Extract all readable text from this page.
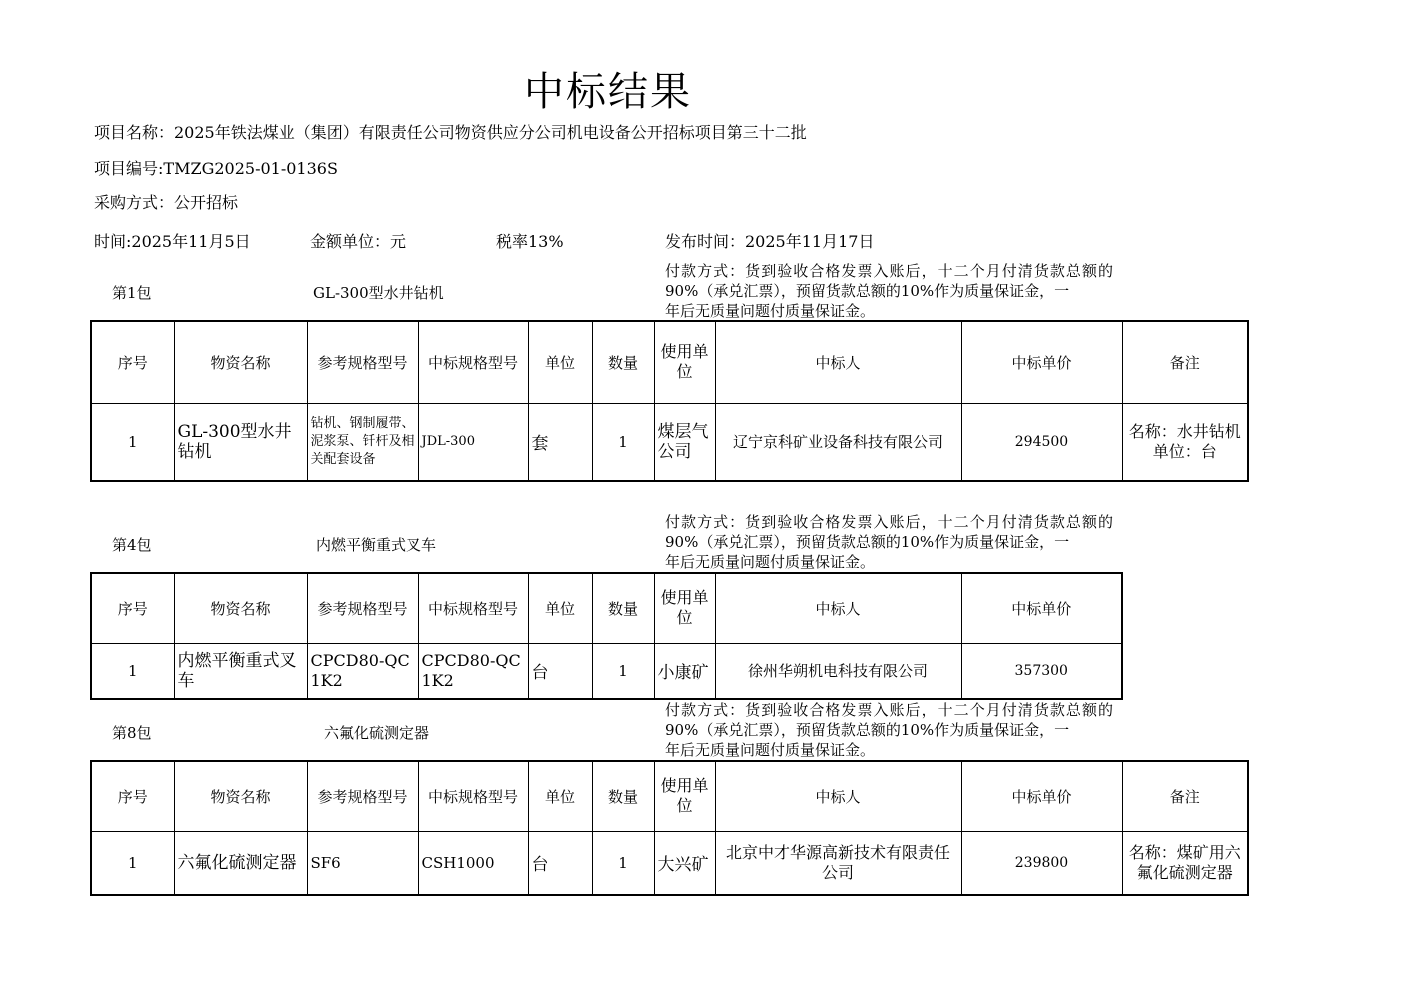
中标结果
项目名称：2025年铁法煤业（集团）有限责任公司物资供应分公司机电设备公开招标项目第三十二批
项目编号:TMZG2025-01-0136S
采购方式：公开招标
时间:2025年11月5日	金额单位：元	税率13%	发布时间：2025年11月17日
第1包	GL-300型水井钻机
付款方式：货到验收合格发票入账后，十二个月付清货款总额的90%（承兑汇票），预留货款总额的10%作为质量保证金，一
年后无质量问题付质量保证金。
序号	物资名称	参考规格型号	中标规格型号	单位	数量	使用单位	中标人	中标单价	备注
1	GL-300型水井钻机	钻机、钢制履带、泥浆泵、钎杆及相关配套设备	JDL-300	套	1	煤层气公司	辽宁京科矿业设备科技有限公司	294500	名称：水井钻机单位：台
第4包	内燃平衡重式叉车
付款方式：货到验收合格发票入账后，十二个月付清货款总额的90%（承兑汇票），预留货款总额的10%作为质量保证金，一
年后无质量问题付质量保证金。
序号	物资名称	参考规格型号	中标规格型号	单位	数量	使用单位	中标人	中标单价
1	内燃平衡重式叉车	CPCD80-QC1K2	CPCD80-QC1K2	台	1	小康矿	徐州华朔机电科技有限公司	357300
第8包	六氟化硫测定器
付款方式：货到验收合格发票入账后，十二个月付清货款总额的90%（承兑汇票），预留货款总额的10%作为质量保证金，一
年后无质量问题付质量保证金。
序号	物资名称	参考规格型号	中标规格型号	单位	数量	使用单位	中标人	中标单价	备注
1	六氟化硫测定器	SF6	CSH1000	台	1	大兴矿	北京中才华源高新技术有限责任公司	239800	名称：煤矿用六氟化硫测定器
